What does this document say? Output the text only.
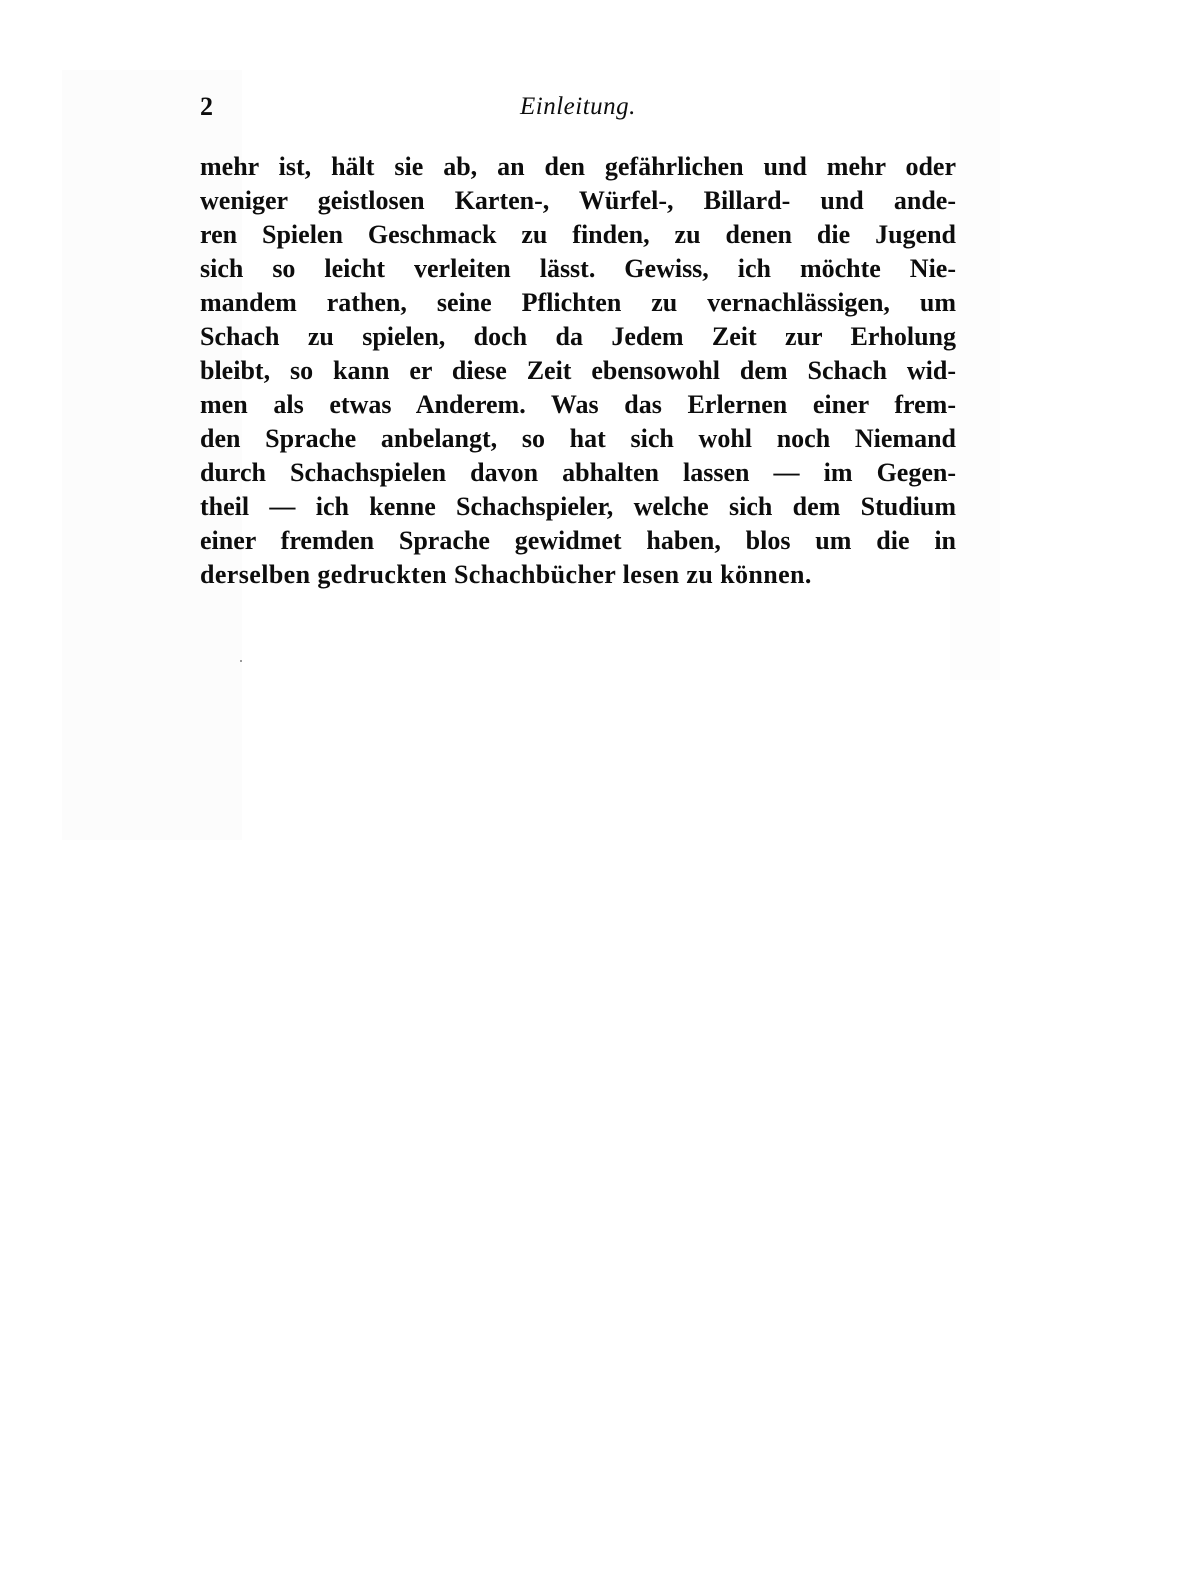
2	Einleitung.
mehr ist, hält sie ab, an den gefährlichen und mehr oder
weniger geistlosen Karten-, Würfel-, Billard- und ande-
ren Spielen Geschmack zu finden, zu denen die Jugend
sich so leicht verleiten lässt. Gewiss, ich möchte Nie-
mandem rathen, seine Pflichten zu vernachlässigen, um
Schach zu spielen, doch da Jedem Zeit zur Erholung
bleibt, so kann er diese Zeit ebensowohl dem Schach wid-
men als etwas Anderem. Was das Erlernen einer frem-
den Sprache anbelangt, so hat sich wohl noch Niemand
durch Schachspielen davon abhalten lassen — im Gegen-
theil — ich kenne Schachspieler, welche sich dem Studium
einer fremden Sprache gewidmet haben, blos um die in
derselben gedruckten Schachbücher lesen zu können.
